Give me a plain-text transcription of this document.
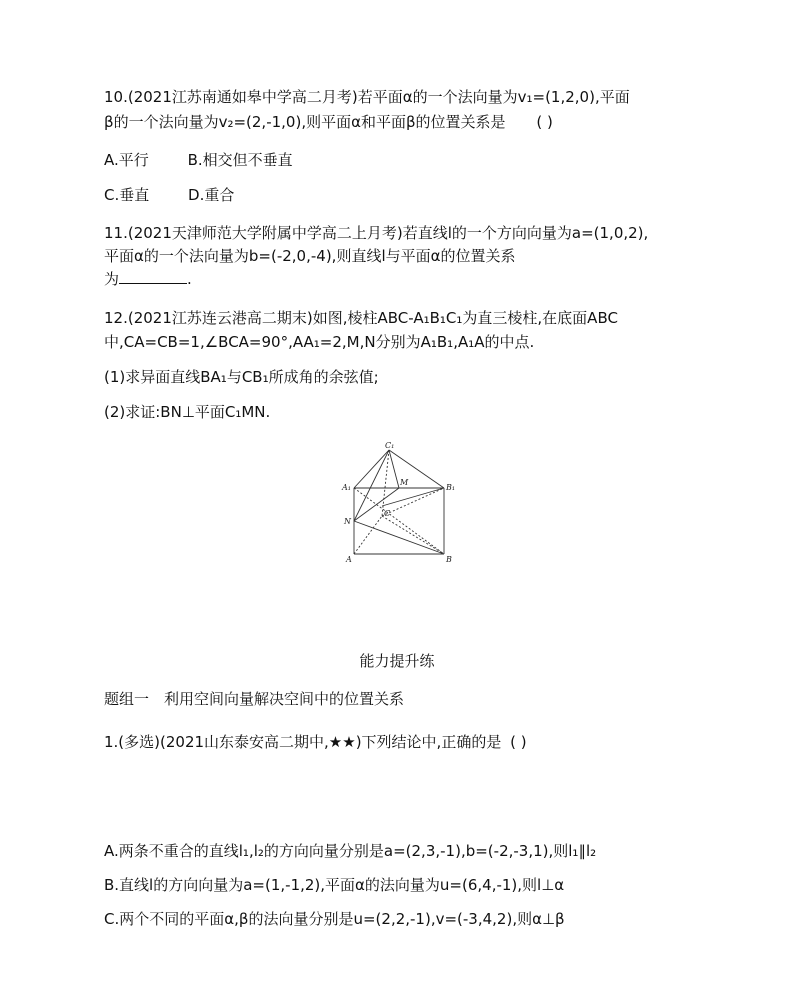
10.(2021江苏南通如皋中学高二月考)若平面α的一个法向量为v₁=(1,2,0),平面
β的一个法向量为v₂=(2,-1,0),则平面α和平面β的位置关系是 ( )
A.平行	B.相交但不垂直
C.垂直	D.重合
11.(2021天津师范大学附属中学高二上月考)若直线l的一个方向向量为a=(1,0,2),
平面α的一个法向量为b=(-2,0,-4),则直线l与平面α的位置关系
为	.
12.(2021江苏连云港高二期末)如图,棱柱ABC-A₁B₁C₁为直三棱柱,在底面ABC
中,CA=CB=1,∠BCA=90°,AA₁=2,M,N分别为A₁B₁,A₁A的中点.
(1)求异面直线BA₁与CB₁所成角的余弦值;
(2)求证:BN⊥平面C₁MN.
C₁
A₁
M
B₁
N
C
A	B
能力提升练
题组一　利用空间向量解决空间中的位置关系
1.(多选)(2021山东泰安高二期中,★★)下列结论中,正确的是 ( )
A.两条不重合的直线l₁,l₂的方向向量分别是a=(2,3,-1),b=(-2,-3,1),则l₁∥l₂
B.直线l的方向向量为a=(1,-1,2),平面α的法向量为u=(6,4,-1),则l⊥α
C.两个不同的平面α,β的法向量分别是u=(2,2,-1),v=(-3,4,2),则α⊥β
